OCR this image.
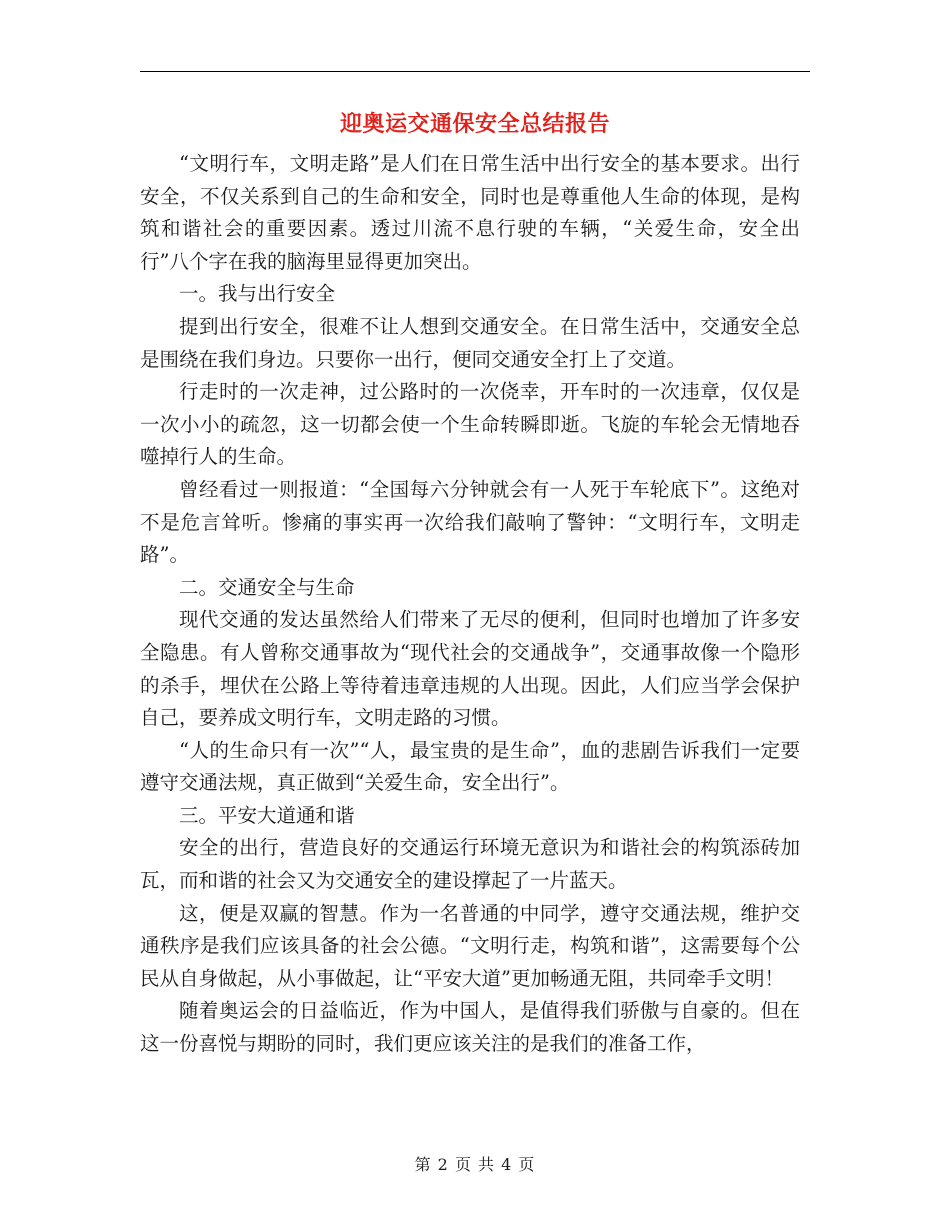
迎奥运交通保安全总结报告

“文明行车，文明走路”是人们在日常生活中出行安全的基本要求。出行安全，不仅关系到自己的生命和安全，同时也是尊重他人生命的体现，是构筑和谐社会的重要因素。透过川流不息行驶的车辆，“关爱生命，安全出行”八个字在我的脑海里显得更加突出。

一。我与出行安全

提到出行安全，很难不让人想到交通安全。在日常生活中，交通安全总是围绕在我们身边。只要你一出行，便同交通安全打上了交道。

行走时的一次走神，过公路时的一次侥幸，开车时的一次违章，仅仅是一次小小的疏忽，这一切都会使一个生命转瞬即逝。飞旋的车轮会无情地吞噬掉行人的生命。

曾经看过一则报道：“全国每六分钟就会有一人死于车轮底下”。这绝对不是危言耸听。惨痛的事实再一次给我们敲响了警钟：“文明行车，文明走路”。

二。交通安全与生命

现代交通的发达虽然给人们带来了无尽的便利，但同时也增加了许多安全隐患。有人曾称交通事故为“现代社会的交通战争”，交通事故像一个隐形的杀手，埋伏在公路上等待着违章违规的人出现。因此，人们应当学会保护自己，要养成文明行车，文明走路的习惯。

“人的生命只有一次”“人，最宝贵的是生命”，血的悲剧告诉我们一定要遵守交通法规，真正做到“关爱生命，安全出行”。

三。平安大道通和谐

安全的出行，营造良好的交通运行环境无意识为和谐社会的构筑添砖加瓦，而和谐的社会又为交通安全的建设撑起了一片蓝天。

这，便是双赢的智慧。作为一名普通的中同学，遵守交通法规，维护交通秩序是我们应该具备的社会公德。“文明行走，构筑和谐”，这需要每个公民从自身做起，从小事做起，让“平安大道”更加畅通无阻，共同牵手文明！

随着奥运会的日益临近，作为中国人，是值得我们骄傲与自豪的。但在这一份喜悦与期盼的同时，我们更应该关注的是我们的准备工作，

第 2 页 共 4 页
